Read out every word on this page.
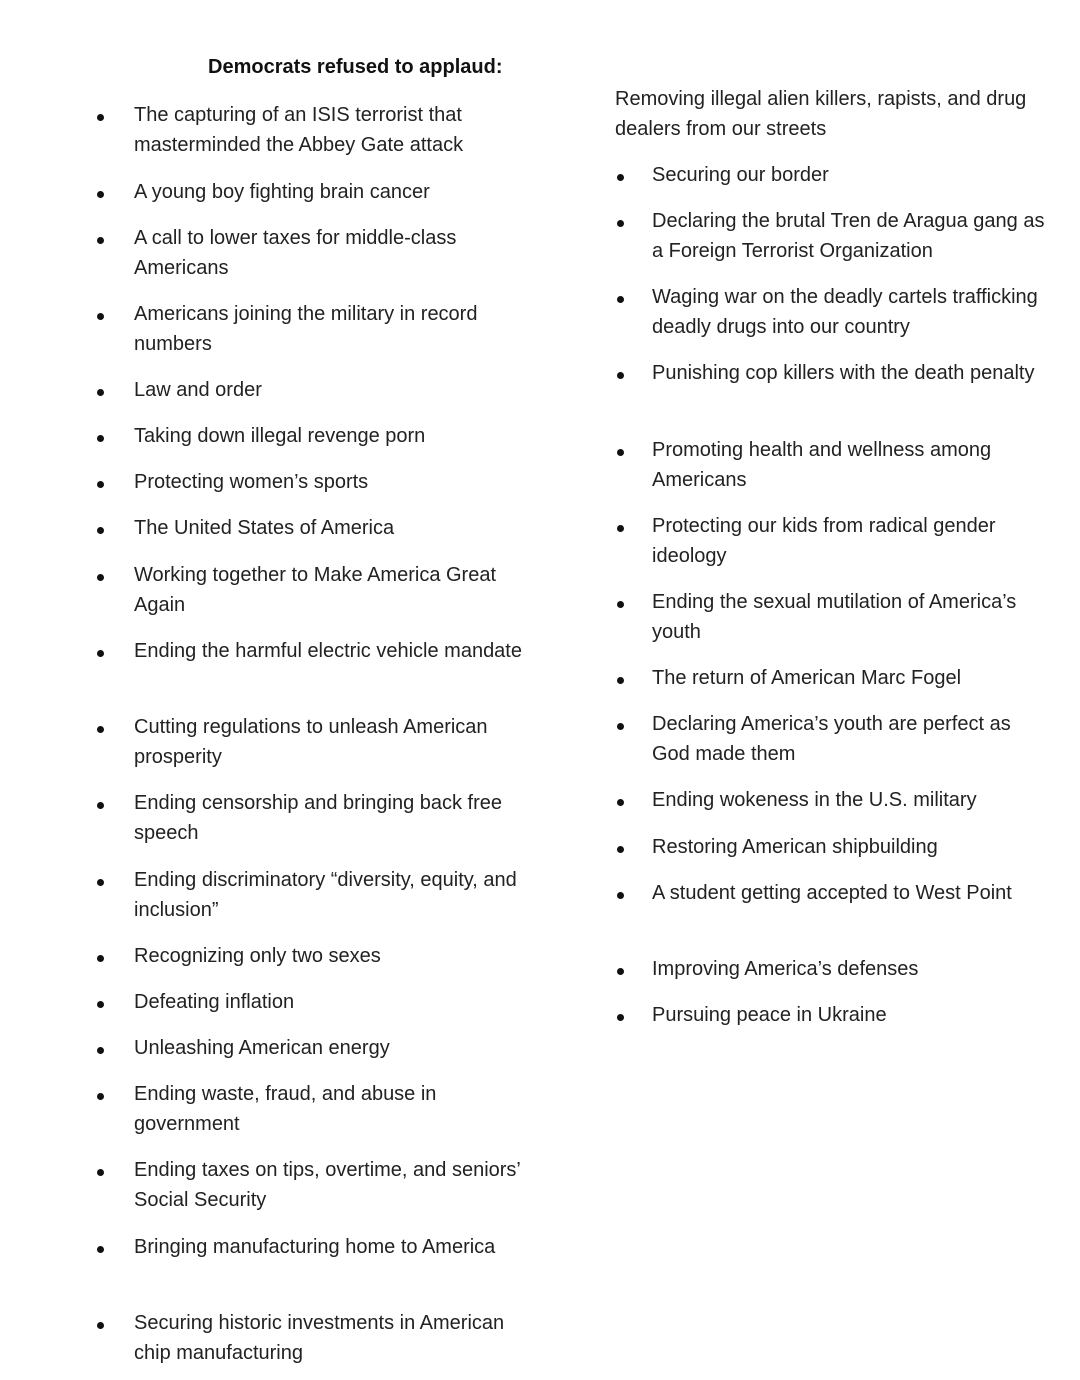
Democrats refused to applaud:
Removing illegal alien killers, rapists, and drug dealers from our streets
The capturing of an ISIS terrorist that masterminded the Abbey Gate attack
A young boy fighting brain cancer
A call to lower taxes for middle-class Americans
Americans joining the military in record numbers
Law and order
Taking down illegal revenge porn
Protecting women’s sports
The United States of America
Working together to Make America Great Again
Ending the harmful electric vehicle mandate
Cutting regulations to unleash American prosperity
Ending censorship and bringing back free speech
Ending discriminatory “diversity, equity, and inclusion”
Recognizing only two sexes
Defeating inflation
Unleashing American energy
Ending waste, fraud, and abuse in government
Ending taxes on tips, overtime, and seniors’ Social Security
Bringing manufacturing home to America
Securing historic investments in American chip manufacturing
Securing our border
Declaring the brutal Tren de Aragua gang as a Foreign Terrorist Organization
Waging war on the deadly cartels trafficking deadly drugs into our country
Punishing cop killers with the death penalty
Promoting health and wellness among Americans
Protecting our kids from radical gender ideology
Ending the sexual mutilation of America’s youth
The return of American Marc Fogel
Declaring America’s youth are perfect as God made them
Ending wokeness in the U.S. military
Restoring American shipbuilding
A student getting accepted to West Point
Improving America’s defenses
Pursuing peace in Ukraine
